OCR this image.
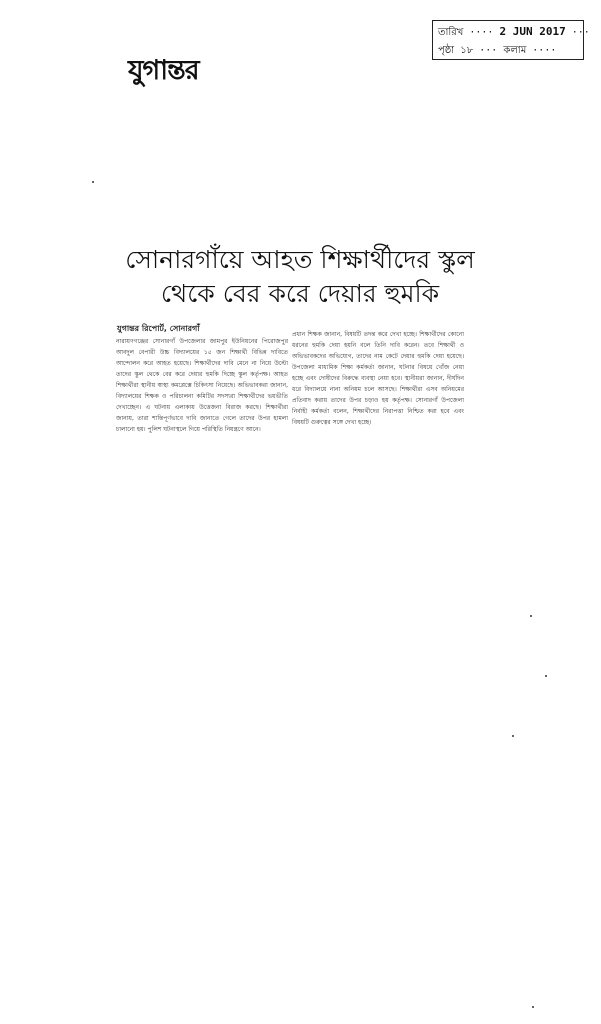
যুগান্তর
তারিখ ···· 2 JUN 2017 ···
পৃষ্ঠা ১৮ ··· কলাম ····
সোনারগাঁয়ে আহত শিক্ষার্থীদের স্কুল
থেকে বের করে দেয়ার হুমকি
যুগান্তর রিপোর্ট, সোনারগাঁ

নারায়ণগঞ্জের সোনারগাঁ উপজেলার জামপুর ইউনিয়নের পিরোজপুর আবদুল বেপারী উচ্চ বিদ্যালয়ের ১৫ জন শিক্ষার্থী বিভিন্ন দাবিতে আন্দোলন করে আহত হয়েছে। শিক্ষার্থীদের দাবি মেনে না নিয়ে উল্টো তাদের স্কুল থেকে বের করে দেয়ার হুমকি দিচ্ছে স্কুল কর্তৃপক্ষ। আহত শিক্ষার্থীরা স্থানীয় স্বাস্থ্য কমপ্লেক্সে চিকিৎসা নিয়েছে। অভিভাবকরা জানান, বিদ্যালয়ের শিক্ষক ও পরিচালনা কমিটির সদস্যরা শিক্ষার্থীদের ভয়ভীতি দেখাচ্ছেন। এ ঘটনায় এলাকায় উত্তেজনা বিরাজ করছে। শিক্ষার্থীরা জানায়, তারা শান্তিপূর্ণভাবে দাবি জানাতে গেলে তাদের উপর হামলা চালানো হয়। পুলিশ ঘটনাস্থলে গিয়ে পরিস্থিতি নিয়ন্ত্রণে আনে।

প্রধান শিক্ষক জানান, বিষয়টি তদন্ত করে দেখা হচ্ছে। শিক্ষার্থীদের কোনো ধরনের হুমকি দেয়া হয়নি বলে তিনি দাবি করেন। তবে শিক্ষার্থী ও অভিভাবকদের অভিযোগ, তাদের নাম কেটে দেয়ার হুমকি দেয়া হয়েছে। উপজেলা মাধ্যমিক শিক্ষা কর্মকর্তা জানান, ঘটনার বিষয়ে খোঁজ নেয়া হচ্ছে এবং দোষীদের বিরুদ্ধে ব্যবস্থা নেয়া হবে। স্থানীয়রা জানান, দীর্ঘদিন ধরে বিদ্যালয়ে নানা অনিয়ম চলে আসছে। শিক্ষার্থীরা এসব অনিয়মের প্রতিবাদ করায় তাদের উপর চড়াও হয় কর্তৃপক্ষ। সোনারগাঁ উপজেলা নির্বাহী কর্মকর্তা বলেন, শিক্ষার্থীদের নিরাপত্তা নিশ্চিত করা হবে এবং বিষয়টি গুরুত্বের সঙ্গে দেখা হচ্ছে।
